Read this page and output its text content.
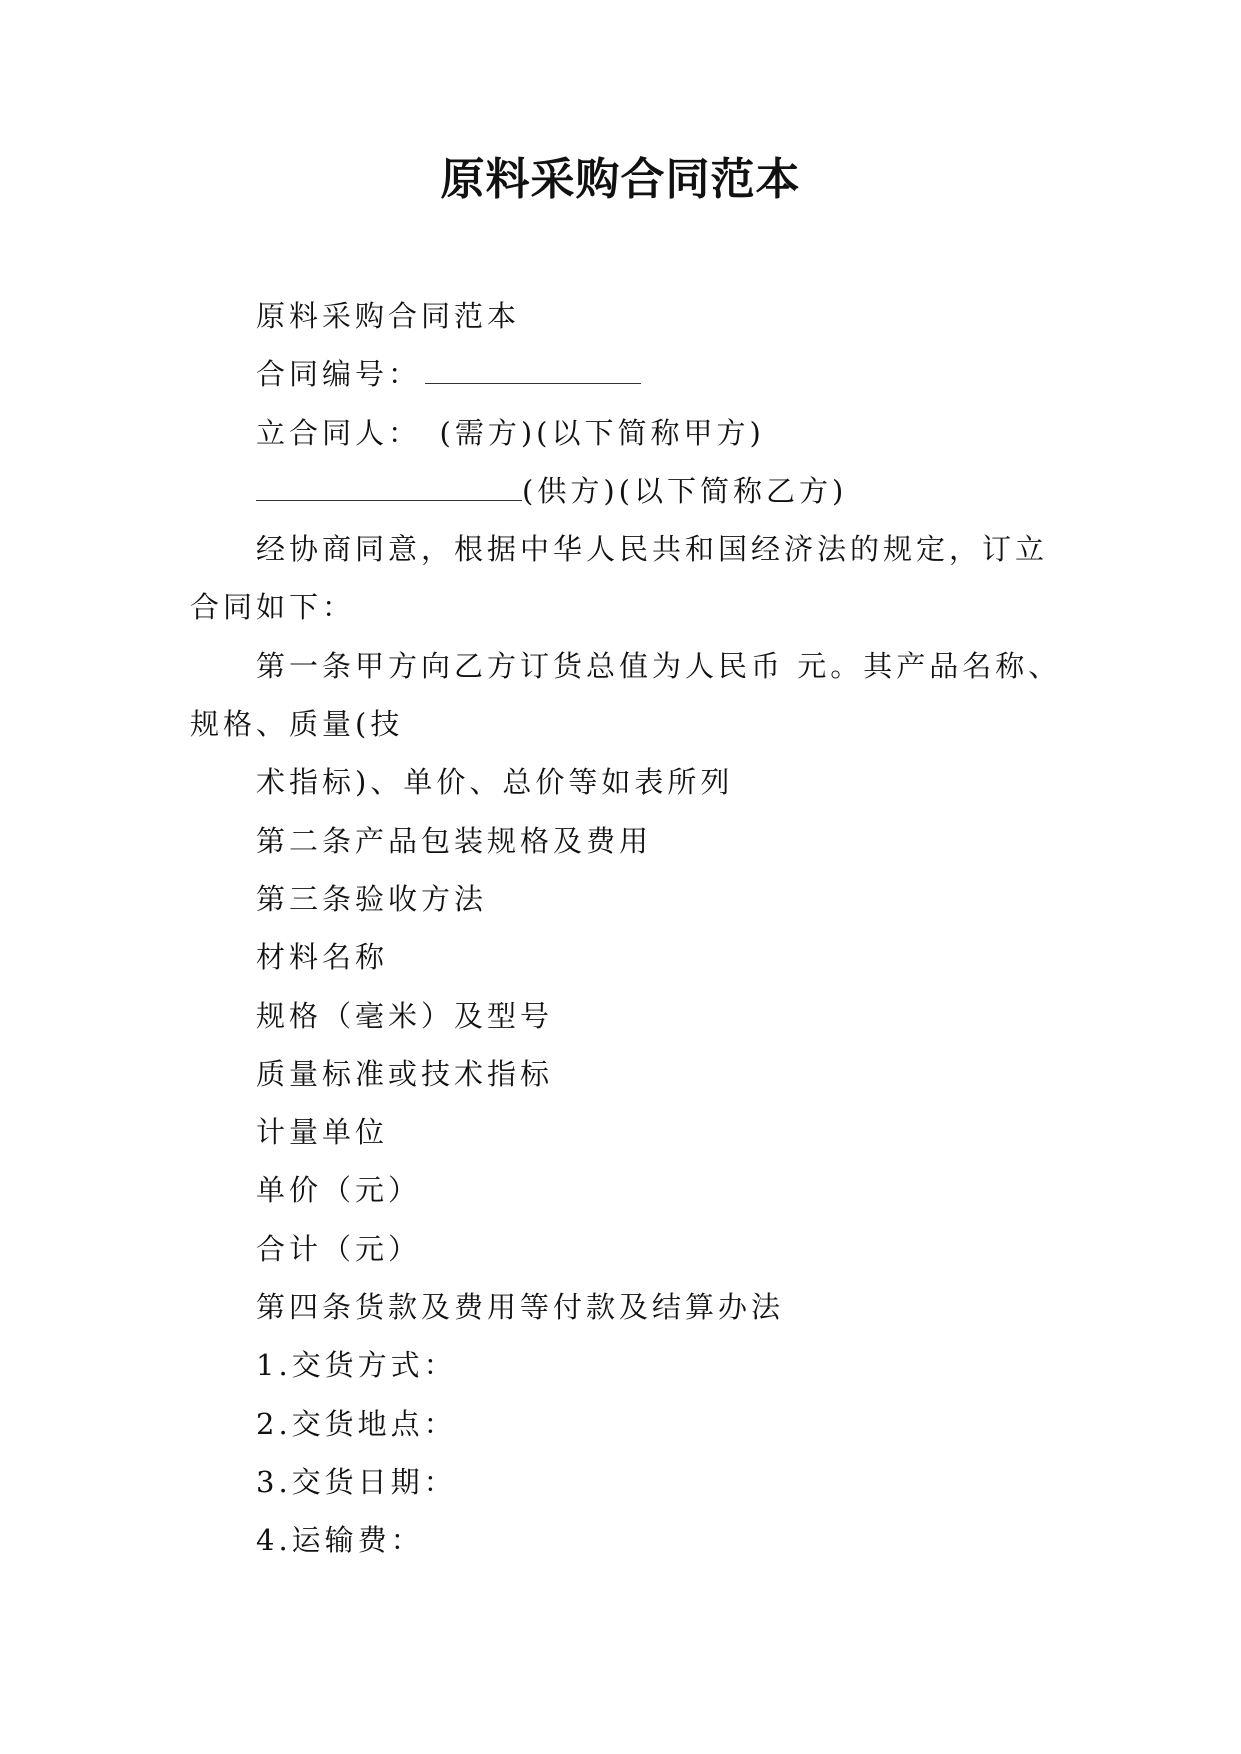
原料采购合同范本

原料采购合同范本

合同编号：

立合同人：　(需方)(以下简称甲方)

(供方)(以下简称乙方)

经协商同意，根据中华人民共和国经济法的规定，订立合同如下：

第一条甲方向乙方订货总值为人民币 元。其产品名称、规格、质量(技

术指标)、单价、总价等如表所列

第二条产品包装规格及费用

第三条验收方法

材料名称

规格（毫米）及型号

质量标准或技术指标

计量单位

单价（元）

合计（元）

第四条货款及费用等付款及结算办法

1.交货方式：

2.交货地点：

3.交货日期：

4.运输费：
